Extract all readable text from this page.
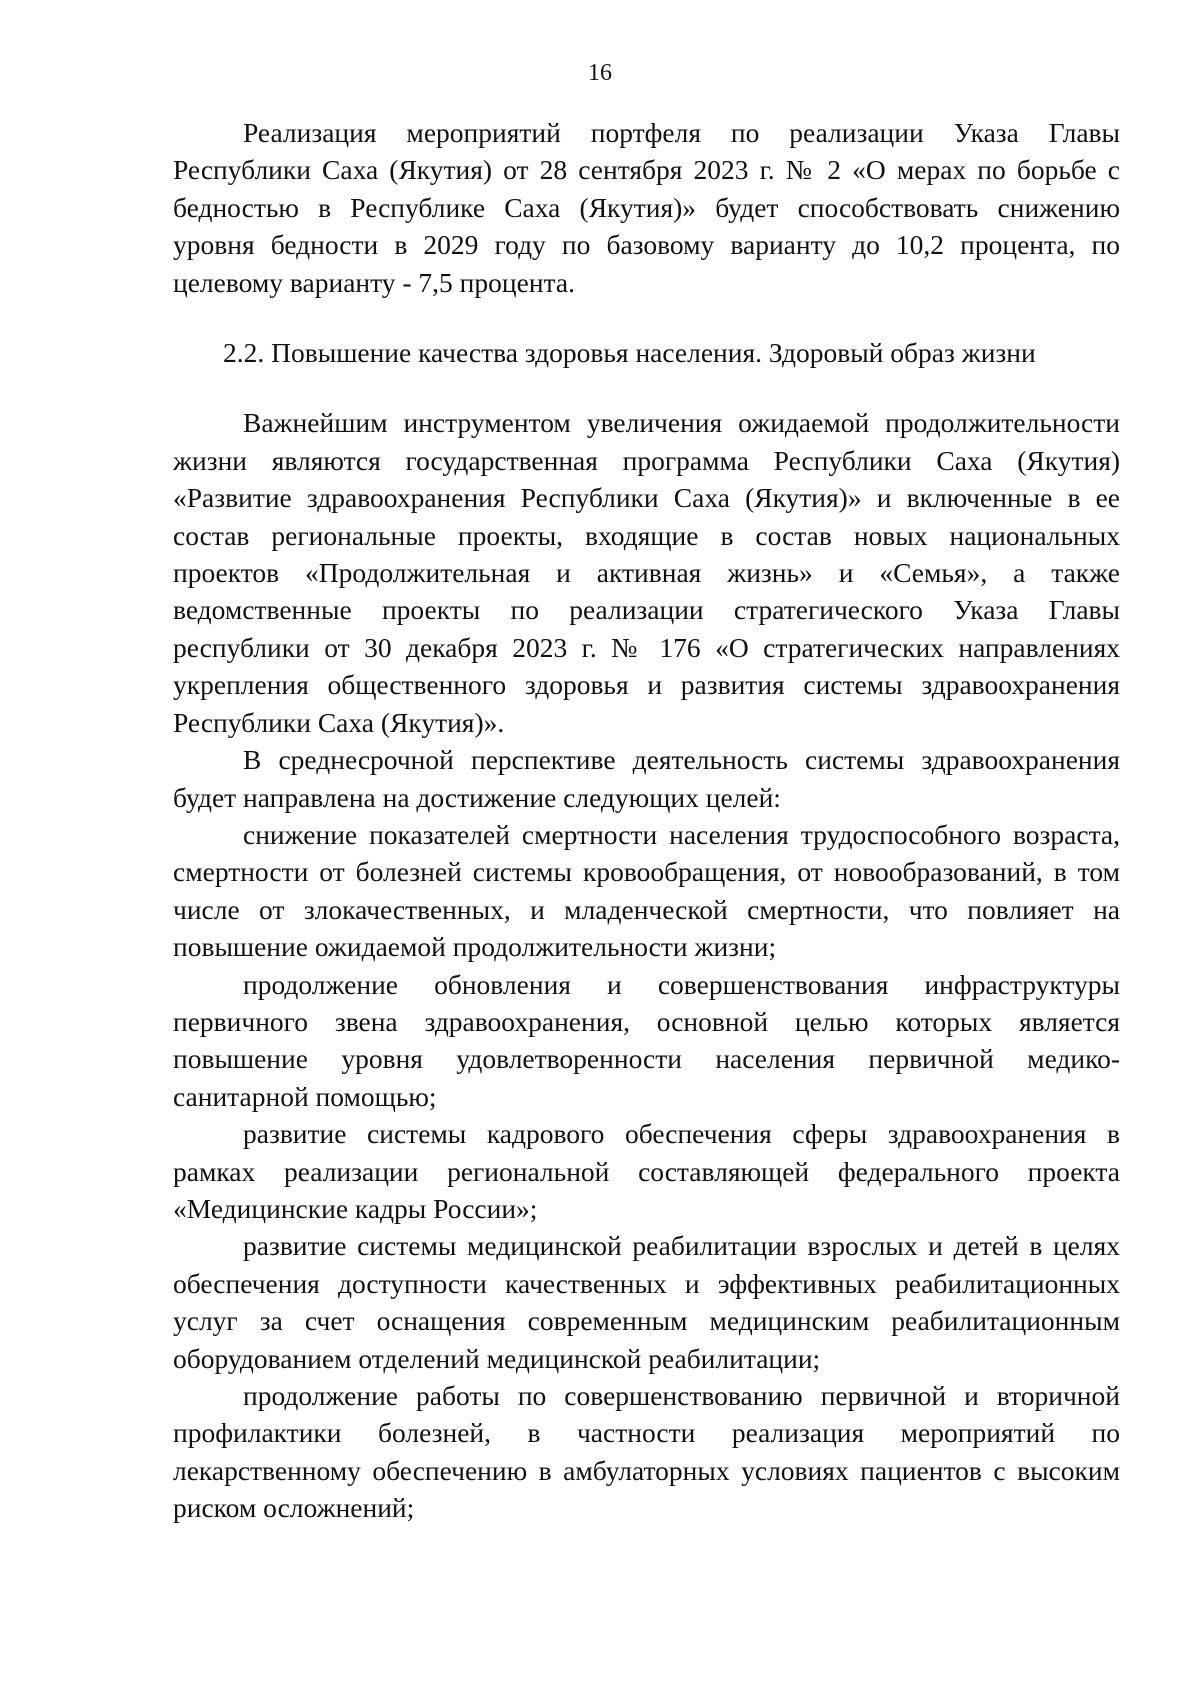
16

Реализация мероприятий портфеля по реализации Указа Главы Республики Саха (Якутия) от 28 сентября 2023 г. № 2 «О мерах по борьбе с бедностью в Республике Саха (Якутия)» будет способствовать снижению уровня бедности в 2029 году по базовому варианту до 10,2 процента, по целевому варианту - 7,5 процента.

2.2. Повышение качества здоровья населения. Здоровый образ жизни

Важнейшим инструментом увеличения ожидаемой продолжительности жизни являются государственная программа Республики Саха (Якутия) «Развитие здравоохранения Республики Саха (Якутия)» и включенные в ее состав региональные проекты, входящие в состав новых национальных проектов «Продолжительная и активная жизнь» и «Семья», а также ведомственные проекты по реализации стратегического Указа Главы республики от 30 декабря 2023 г. № 176 «О стратегических направлениях укрепления общественного здоровья и развития системы здравоохранения Республики Саха (Якутия)».

В среднесрочной перспективе деятельность системы здравоохранения будет направлена на достижение следующих целей:

снижение показателей смертности населения трудоспособного возраста, смертности от болезней системы кровообращения, от новообразований, в том числе от злокачественных, и младенческой смертности, что повлияет на повышение ожидаемой продолжительности жизни;

продолжение обновления и совершенствования инфраструктуры первичного звена здравоохранения, основной целью которых является повышение уровня удовлетворенности населения первичной медико-санитарной помощью;

развитие системы кадрового обеспечения сферы здравоохранения в рамках реализации региональной составляющей федерального проекта «Медицинские кадры России»;

развитие системы медицинской реабилитации взрослых и детей в целях обеспечения доступности качественных и эффективных реабилитационных услуг за счет оснащения современным медицинским реабилитационным оборудованием отделений медицинской реабилитации;

продолжение работы по совершенствованию первичной и вторичной профилактики болезней, в частности реализация мероприятий по лекарственному обеспечению в амбулаторных условиях пациентов с высоким риском осложнений;
